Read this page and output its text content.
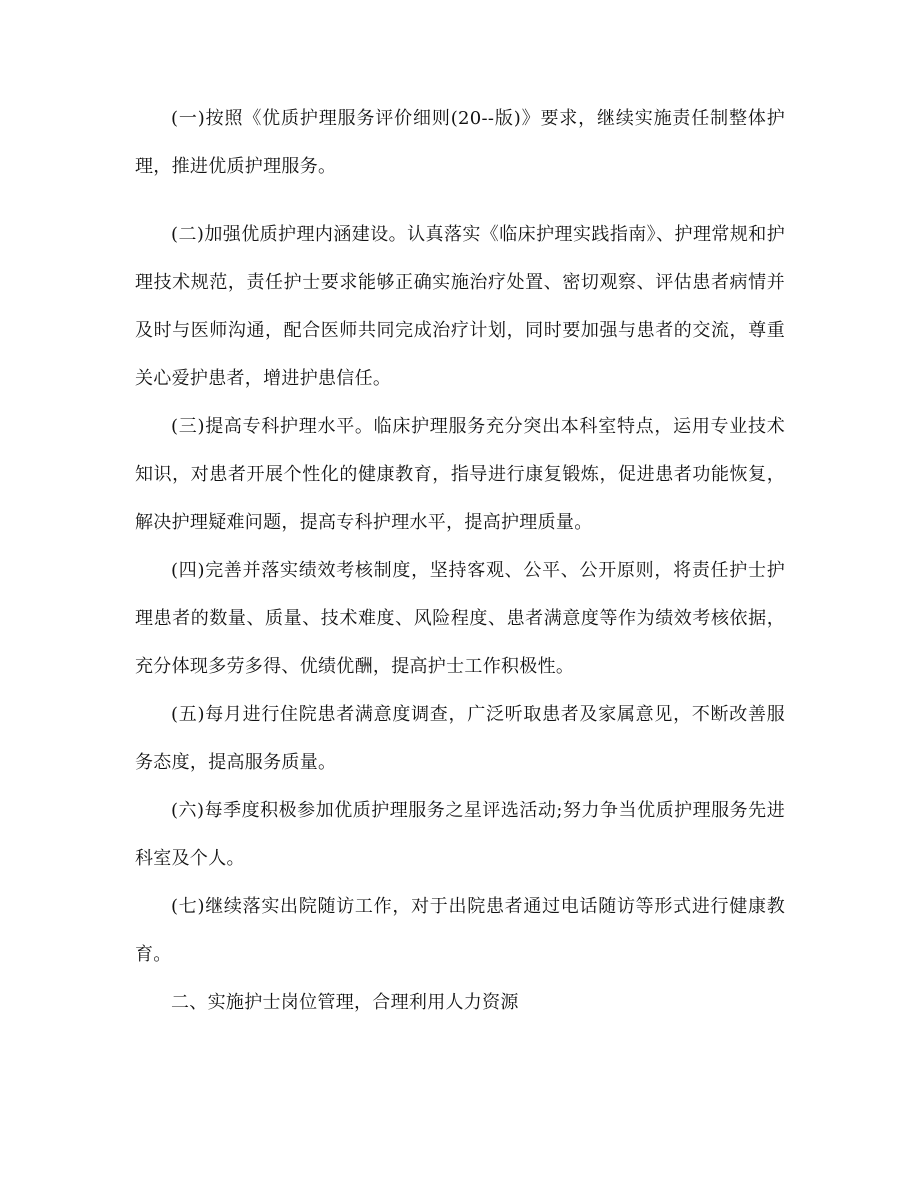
(一)按照《优质护理服务评价细则(20--版)》要求，继续实施责任制整体护理，推进优质护理服务。

(二)加强优质护理内涵建设。认真落实《临床护理实践指南》、护理常规和护理技术规范，责任护士要求能够正确实施治疗处置、密切观察、评估患者病情并及时与医师沟通，配合医师共同完成治疗计划，同时要加强与患者的交流，尊重关心爱护患者，增进护患信任。

(三)提高专科护理水平。临床护理服务充分突出本科室特点，运用专业技术知识，对患者开展个性化的健康教育，指导进行康复锻炼，促进患者功能恢复，解决护理疑难问题，提高专科护理水平，提高护理质量。

(四)完善并落实绩效考核制度，坚持客观、公平、公开原则，将责任护士护理患者的数量、质量、技术难度、风险程度、患者满意度等作为绩效考核依据，充分体现多劳多得、优绩优酬，提高护士工作积极性。

(五)每月进行住院患者满意度调查，广泛听取患者及家属意见，不断改善服务态度，提高服务质量。

(六)每季度积极参加优质护理服务之星评选活动;努力争当优质护理服务先进科室及个人。

(七)继续落实出院随访工作，对于出院患者通过电话随访等形式进行健康教育。

二、实施护士岗位管理，合理利用人力资源
